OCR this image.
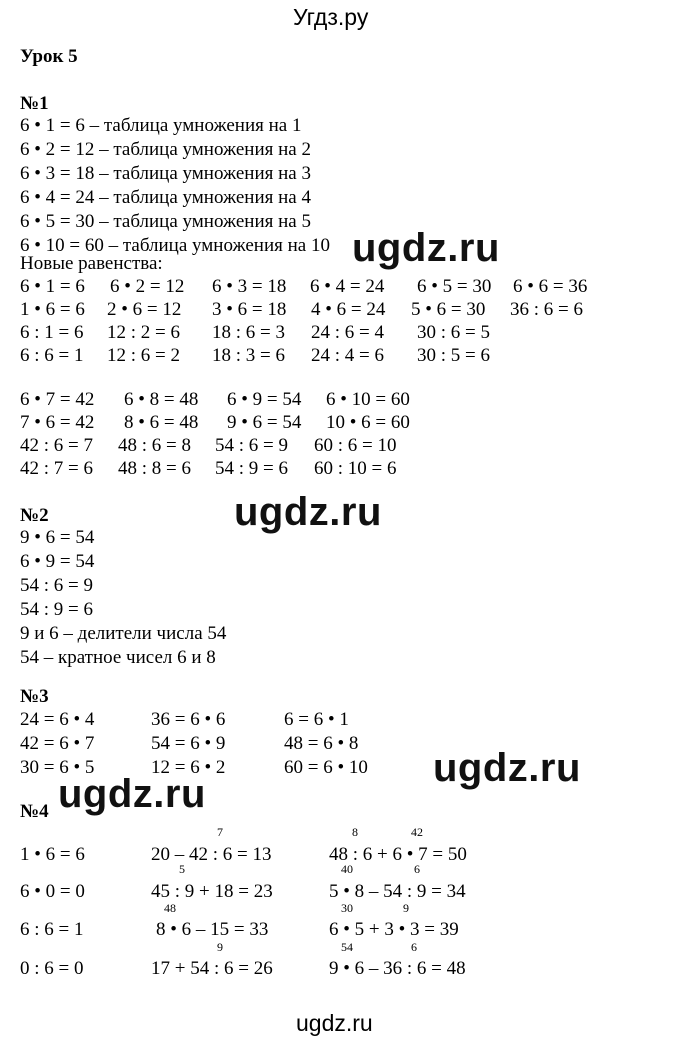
Угдз.ру
Урок 5
№1
6 • 1 = 6 – таблица умножения на 1
6 • 2 = 12 – таблица умножения на 2
6 • 3 = 18 – таблица умножения на 3
6 • 4 = 24 – таблица умножения на 4
6 • 5 = 30 – таблица умножения на 5
6 • 10 = 60 – таблица умножения на 10
Новые равенства:
6 • 1 = 6 6 • 2 = 12 6 • 3 = 18 6 • 4 = 24 6 • 5 = 30 6 • 6 = 36
1 • 6 = 6 2 • 6 = 12 3 • 6 = 18 4 • 6 = 24 5 • 6 = 30 36 : 6 = 6
6 : 1 = 6 12 : 2 = 6 18 : 6 = 3 24 : 6 = 4 30 : 6 = 5
6 : 6 = 1 12 : 6 = 2 18 : 3 = 6 24 : 4 = 6 30 : 5 = 6
6 • 7 = 42 6 • 8 = 48 6 • 9 = 54 6 • 10 = 60
7 • 6 = 42 8 • 6 = 48 9 • 6 = 54 10 • 6 = 60
42 : 6 = 7 48 : 6 = 8 54 : 6 = 9 60 : 6 = 10
42 : 7 = 6 48 : 8 = 6 54 : 9 = 6 60 : 10 = 6
№2
9 • 6 = 54
6 • 9 = 54
54 : 6 = 9
54 : 9 = 6
9 и 6 – делители числа 54
54 – кратное чисел 6 и 8
№3
24 = 6 • 4	36 = 6 • 6	6 = 6 • 1
42 = 6 • 7	54 = 6 • 9	48 = 6 • 8
30 = 6 • 5	12 = 6 • 2	60 = 6 • 10
№4
7	8	42
1 • 6 = 6	20 – 42 : 6 = 13	48 : 6 + 6 • 7 = 50
5	40	6
6 • 0 = 0	45 : 9 + 18 = 23	5 • 8 – 54 : 9 = 34
48	30	9
6 : 6 = 1	8 • 6 – 15 = 33	6 • 5 + 3 • 3 = 39
9	54	6
0 : 6 = 0	17 + 54 : 6 = 26	9 • 6 – 36 : 6 = 48
ugdz.ru
ugdz.ru
ugdz.ru
ugdz.ru
ugdz.ru
